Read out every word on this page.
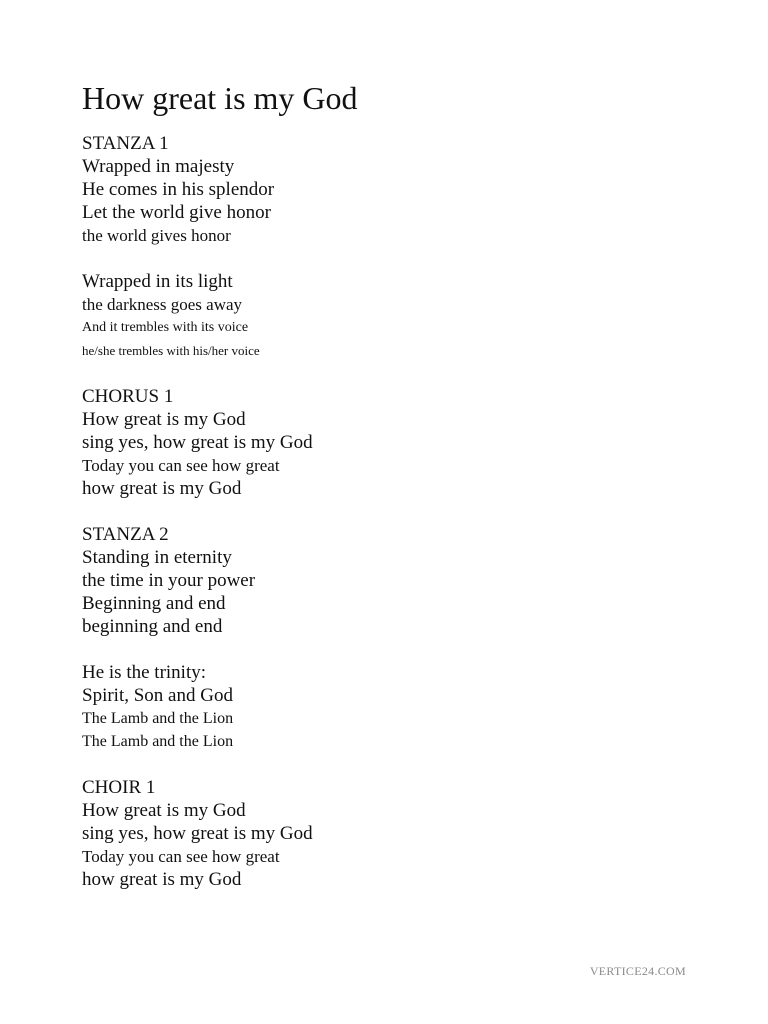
How great is my God
STANZA 1
Wrapped in majesty
He comes in his splendor
Let the world give honor
the world gives honor
Wrapped in its light
the darkness goes away
And it trembles with its voice
he/she trembles with his/her voice
CHORUS 1
How great is my God
sing yes, how great is my God
Today you can see how great
how great is my God
STANZA 2
Standing in eternity
the time in your power
Beginning and end
beginning and end
He is the trinity:
Spirit, Son and God
The Lamb and the Lion
The Lamb and the Lion
CHOIR 1
How great is my God
sing yes, how great is my God
Today you can see how great
how great is my God
VERTICE24.COM
